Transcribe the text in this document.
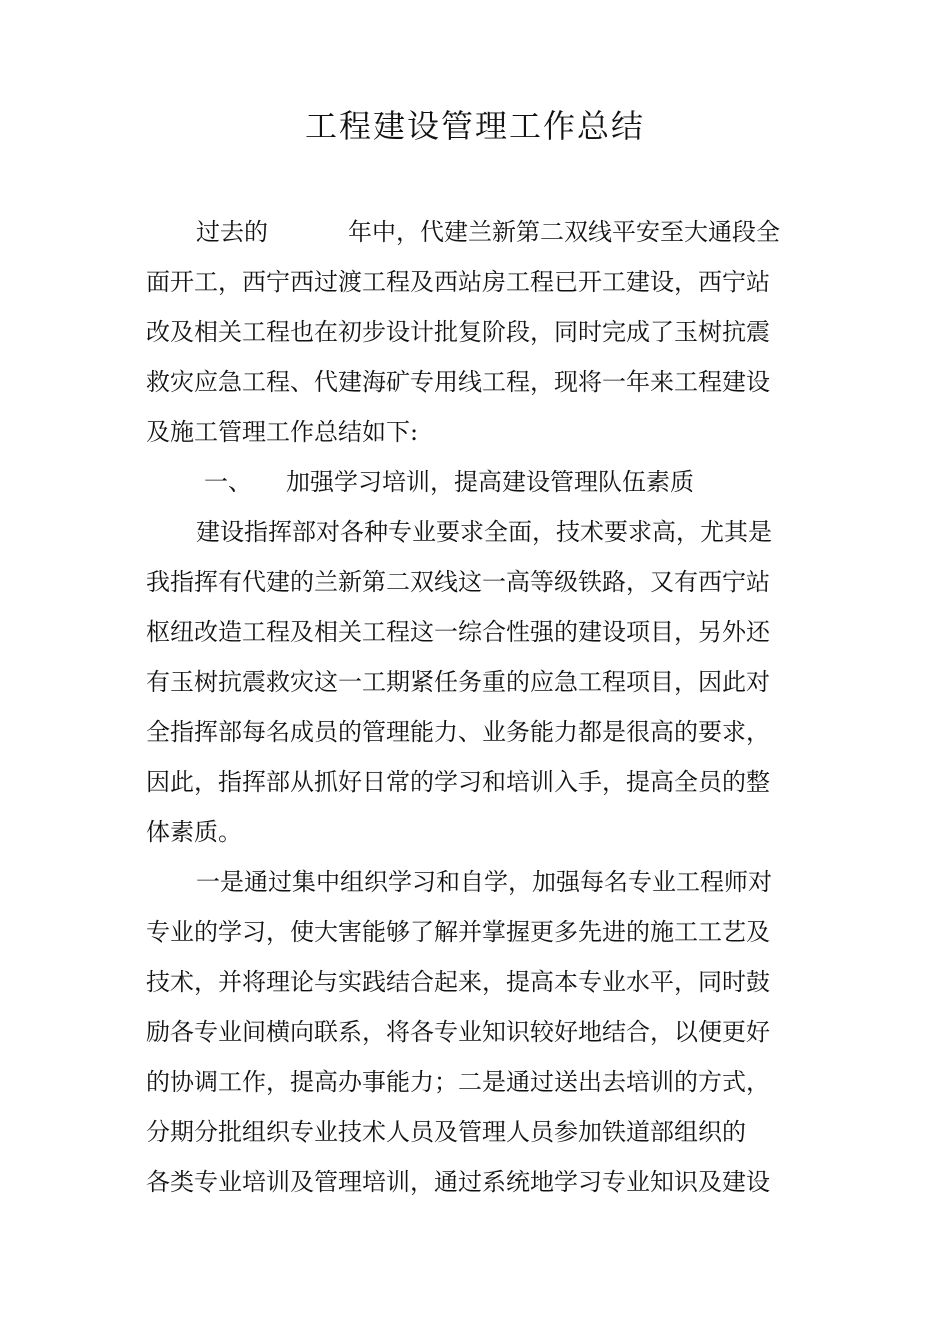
工程建设管理工作总结
过去的	年中，代建兰新第二双线平安至大通段全
面开工，西宁西过渡工程及西站房工程已开工建设，西宁站
改及相关工程也在初步设计批复阶段，同时完成了玉树抗震
救灾应急工程、代建海矿专用线工程，现将一年来工程建设
及施工管理工作总结如下:
一、 加强学习培训，提高建设管理队伍素质
建设指挥部对各种专业要求全面，技术要求高，尤其是
我指挥有代建的兰新第二双线这一高等级铁路，又有西宁站
枢纽改造工程及相关工程这一综合性强的建设项目，另外还
有玉树抗震救灾这一工期紧任务重的应急工程项目，因此对
全指挥部每名成员的管理能力、业务能力都是很高的要求，
因此，指挥部从抓好日常的学习和培训入手，提高全员的整
体素质。
一是通过集中组织学习和自学，加强每名专业工程师对
专业的学习，使大害能够了解并掌握更多先进的施工工艺及
技术，并将理论与实践结合起来，提高本专业水平，同时鼓
励各专业间横向联系，将各专业知识较好地结合，以便更好
的协调工作，提高办事能力；二是通过送出去培训的方式，
分期分批组织专业技术人员及管理人员参加铁道部组织的
各类专业培训及管理培训，通过系统地学习专业知识及建设
